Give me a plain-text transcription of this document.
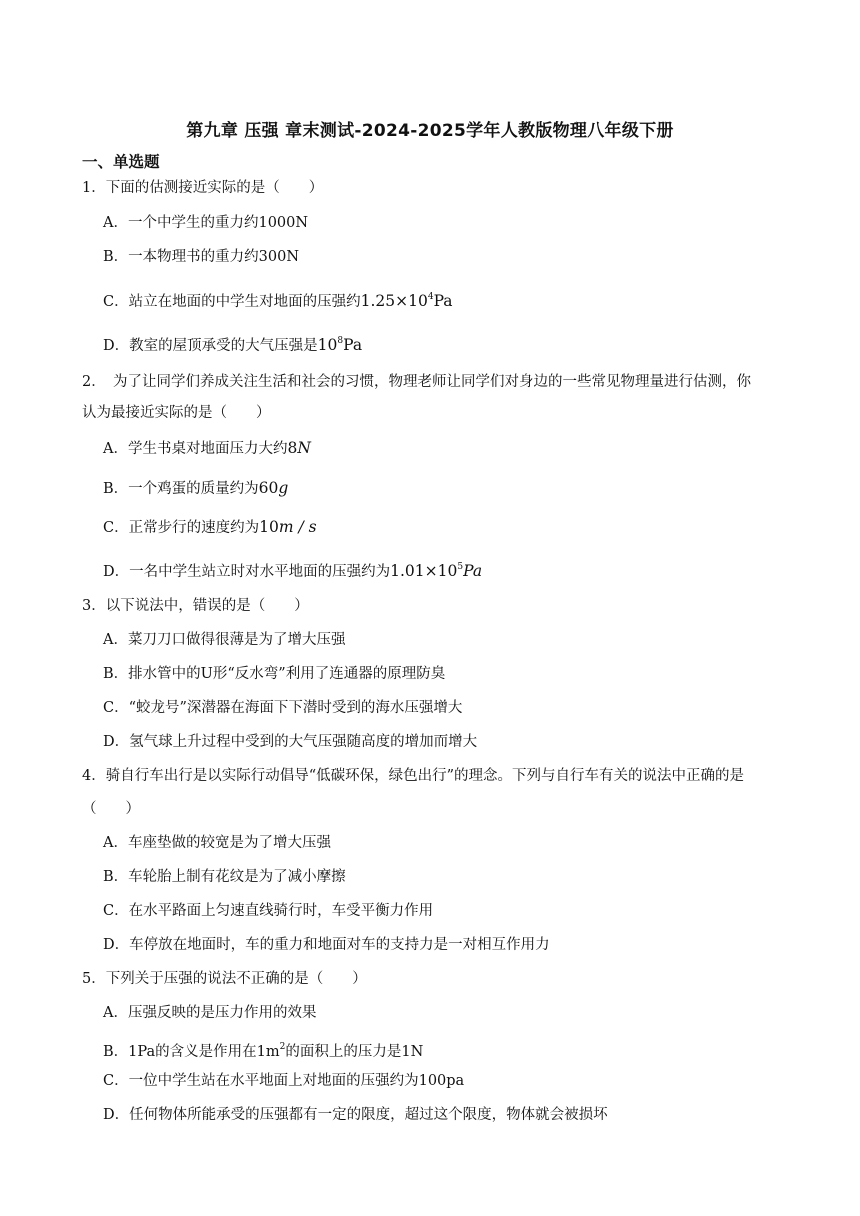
第九章 压强 章末测试-2024-2025学年人教版物理八年级下册
一、单选题
1．下面的估测接近实际的是（　　）
A．一个中学生的重力约1000N
B．一本物理书的重力约300N
C．站立在地面的中学生对地面的压强约$1.25\times 10^4Pa$
D．教室的屋顶承受的大气压强是$10^8Pa$
2．　为了让同学们养成关注生活和社会的习惯，物理老师让同学们对身边的一些常见物理量进行估测，你
认为最接近实际的是（　　）
A．学生书桌对地面压力大约8N
B．一个鸡蛋的质量约为60g
C．正常步行的速度约为10m / s
D．一名中学生站立时对水平地面的压强约为$1.01\times 10^5Pa$
3．以下说法中，错误的是（　　）
A．菜刀刀口做得很薄是为了增大压强
B．排水管中的U形“反水弯”利用了连通器的原理防臭
C．“蛟龙号”深潜器在海面下下潜时受到的海水压强增大
D．氢气球上升过程中受到的大气压强随高度的增加而增大
4．骑自行车出行是以实际行动倡导“低碳环保，绿色出行”的理念。下列与自行车有关的说法中正确的是
（　　）
A．车座垫做的较宽是为了增大压强
B．车轮胎上制有花纹是为了减小摩擦
C．在水平路面上匀速直线骑行时，车受平衡力作用
D．车停放在地面时，车的重力和地面对车的支持力是一对相互作用力
5．下列关于压强的说法不正确的是（　　）
A．压强反映的是压力作用的效果
B．1Pa的含义是作用在$1m^2$的面积上的压力是1N
C．一位中学生站在水平地面上对地面的压强约为100pa
D．任何物体所能承受的压强都有一定的限度，超过这个限度，物体就会被损坏
